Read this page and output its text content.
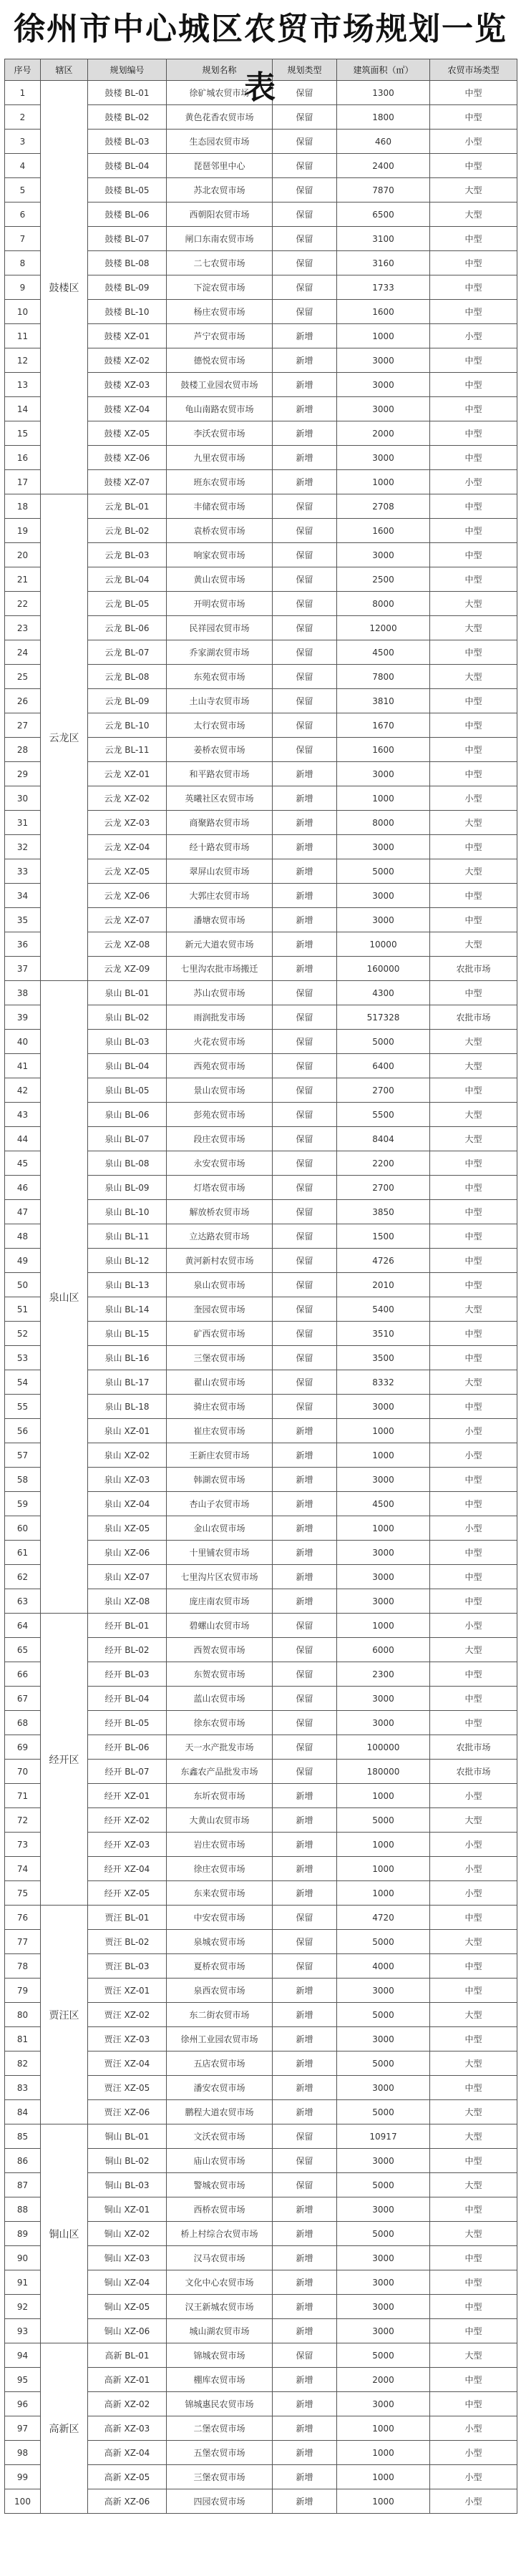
徐州市中心城区农贸市场规划一览表
序号	辖区	规划编号	规划名称	规划类型	建筑面积（㎡）	农贸市场类型
1	鼓楼区	鼓楼 BL-01	徐矿城农贸市场	保留	1300	中型
2		鼓楼 BL-02	黄色花香农贸市场	保留	1800	中型
3		鼓楼 BL-03	生态园农贸市场	保留	460	小型
4		鼓楼 BL-04	琵琶邻里中心	保留	2400	中型
5		鼓楼 BL-05	苏北农贸市场	保留	7870	大型
6		鼓楼 BL-06	西朝阳农贸市场	保留	6500	大型
7		鼓楼 BL-07	闸口东南农贸市场	保留	3100	中型
8		鼓楼 BL-08	二七农贸市场	保留	3160	中型
9		鼓楼 BL-09	下淀农贸市场	保留	1733	中型
10		鼓楼 BL-10	杨庄农贸市场	保留	1600	中型
11		鼓楼 XZ-01	芦宁农贸市场	新增	1000	小型
12		鼓楼 XZ-02	德悦农贸市场	新增	3000	中型
13		鼓楼 XZ-03	鼓楼工业园农贸市场	新增	3000	中型
14		鼓楼 XZ-04	龟山南路农贸市场	新增	3000	中型
15		鼓楼 XZ-05	李沃农贸市场	新增	2000	中型
16		鼓楼 XZ-06	九里农贸市场	新增	3000	中型
17		鼓楼 XZ-07	班东农贸市场	新增	1000	小型
18	云龙区	云龙 BL-01	丰储农贸市场	保留	2708	中型
19		云龙 BL-02	袁桥农贸市场	保留	1600	中型
20		云龙 BL-03	响家农贸市场	保留	3000	中型
21		云龙 BL-04	黄山农贸市场	保留	2500	中型
22		云龙 BL-05	开明农贸市场	保留	8000	大型
23		云龙 BL-06	民祥园农贸市场	保留	12000	大型
24		云龙 BL-07	乔家湖农贸市场	保留	4500	中型
25		云龙 BL-08	东苑农贸市场	保留	7800	大型
26		云龙 BL-09	土山寺农贸市场	保留	3810	中型
27		云龙 BL-10	太行农贸市场	保留	1670	中型
28		云龙 BL-11	姜桥农贸市场	保留	1600	中型
29		云龙 XZ-01	和平路农贸市场	新增	3000	中型
30		云龙 XZ-02	英曦社区农贸市场	新增	1000	小型
31		云龙 XZ-03	商聚路农贸市场	新增	8000	大型
32		云龙 XZ-04	经十路农贸市场	新增	3000	中型
33		云龙 XZ-05	翠屏山农贸市场	新增	5000	大型
34		云龙 XZ-06	大郭庄农贸市场	新增	3000	中型
35		云龙 XZ-07	潘塘农贸市场	新增	3000	中型
36		云龙 XZ-08	新元大道农贸市场	新增	10000	大型
37		云龙 XZ-09	七里沟农批市场搬迁	新增	160000	农批市场
38	泉山区	泉山 BL-01	苏山农贸市场	保留	4300	中型
39		泉山 BL-02	雨润批发市场	保留	517328	农批市场
40		泉山 BL-03	火花农贸市场	保留	5000	大型
41		泉山 BL-04	西苑农贸市场	保留	6400	大型
42		泉山 BL-05	景山农贸市场	保留	2700	中型
43		泉山 BL-06	彭苑农贸市场	保留	5500	大型
44		泉山 BL-07	段庄农贸市场	保留	8404	大型
45		泉山 BL-08	永安农贸市场	保留	2200	中型
46		泉山 BL-09	灯塔农贸市场	保留	2700	中型
47		泉山 BL-10	解放桥农贸市场	保留	3850	中型
48		泉山 BL-11	立达路农贸市场	保留	1500	中型
49		泉山 BL-12	黄河新村农贸市场	保留	4726	中型
50		泉山 BL-13	泉山农贸市场	保留	2010	中型
51		泉山 BL-14	奎园农贸市场	保留	5400	大型
52		泉山 BL-15	矿西农贸市场	保留	3510	中型
53		泉山 BL-16	三堡农贸市场	保留	3500	中型
54		泉山 BL-17	翟山农贸市场	保留	8332	大型
55		泉山 BL-18	骑庄农贸市场	保留	3000	中型
56		泉山 XZ-01	崔庄农贸市场	新增	1000	小型
57		泉山 XZ-02	王新庄农贸市场	新增	1000	小型
58		泉山 XZ-03	韩湖农贸市场	新增	3000	中型
59		泉山 XZ-04	杏山子农贸市场	新增	4500	中型
60		泉山 XZ-05	金山农贸市场	新增	1000	小型
61		泉山 XZ-06	十里铺农贸市场	新增	3000	中型
62		泉山 XZ-07	七里沟片区农贸市场	新增	3000	中型
63		泉山 XZ-08	庞庄南农贸市场	新增	3000	中型
64	经开区	经开 BL-01	碧螺山农贸市场	保留	1000	小型
65		经开 BL-02	西贺农贸市场	保留	6000	大型
66		经开 BL-03	东贺农贸市场	保留	2300	中型
67		经开 BL-04	蓝山农贸市场	保留	3000	中型
68		经开 BL-05	徐东农贸市场	保留	3000	中型
69		经开 BL-06	天一水产批发市场	保留	100000	农批市场
70		经开 BL-07	东鑫农产品批发市场	保留	180000	农批市场
71		经开 XZ-01	东圻农贸市场	新增	1000	小型
72		经开 XZ-02	大黄山农贸市场	新增	5000	大型
73		经开 XZ-03	岩庄农贸市场	新增	1000	小型
74		经开 XZ-04	徐庄农贸市场	新增	1000	小型
75		经开 XZ-05	东来农贸市场	新增	1000	小型
76	贾汪区	贾汪 BL-01	中安农贸市场	保留	4720	中型
77		贾汪 BL-02	泉城农贸市场	保留	5000	大型
78		贾汪 BL-03	夏桥农贸市场	保留	4000	中型
79		贾汪 XZ-01	泉西农贸市场	新增	3000	中型
80		贾汪 XZ-02	东二街农贸市场	新增	5000	大型
81		贾汪 XZ-03	徐州工业园农贸市场	新增	3000	中型
82		贾汪 XZ-04	五店农贸市场	新增	5000	大型
83		贾汪 XZ-05	潘安农贸市场	新增	3000	中型
84		贾汪 XZ-06	鹏程大道农贸市场	新增	5000	大型
85	铜山区	铜山 BL-01	文沃农贸市场	保留	10917	大型
86		铜山 BL-02	庙山农贸市场	保留	3000	中型
87		铜山 BL-03	警城农贸市场	保留	5000	大型
88		铜山 XZ-01	西桥农贸市场	新增	3000	中型
89		铜山 XZ-02	桥上村综合农贸市场	新增	5000	大型
90		铜山 XZ-03	汉马农贸市场	新增	3000	中型
91		铜山 XZ-04	文化中心农贸市场	新增	3000	中型
92		铜山 XZ-05	汉王新城农贸市场	新增	3000	中型
93		铜山 XZ-06	城山湖农贸市场	新增	3000	中型
94	高新区	高新 BL-01	锦城农贸市场	保留	5000	大型
95		高新 XZ-01	棚库农贸市场	新增	2000	中型
96		高新 XZ-02	锦城惠民农贸市场	新增	3000	中型
97		高新 XZ-03	二堡农贸市场	新增	1000	小型
98		高新 XZ-04	五堡农贸市场	新增	1000	小型
99		高新 XZ-05	三堡农贸市场	新增	1000	小型
100		高新 XZ-06	四园农贸市场	新增	1000	小型
